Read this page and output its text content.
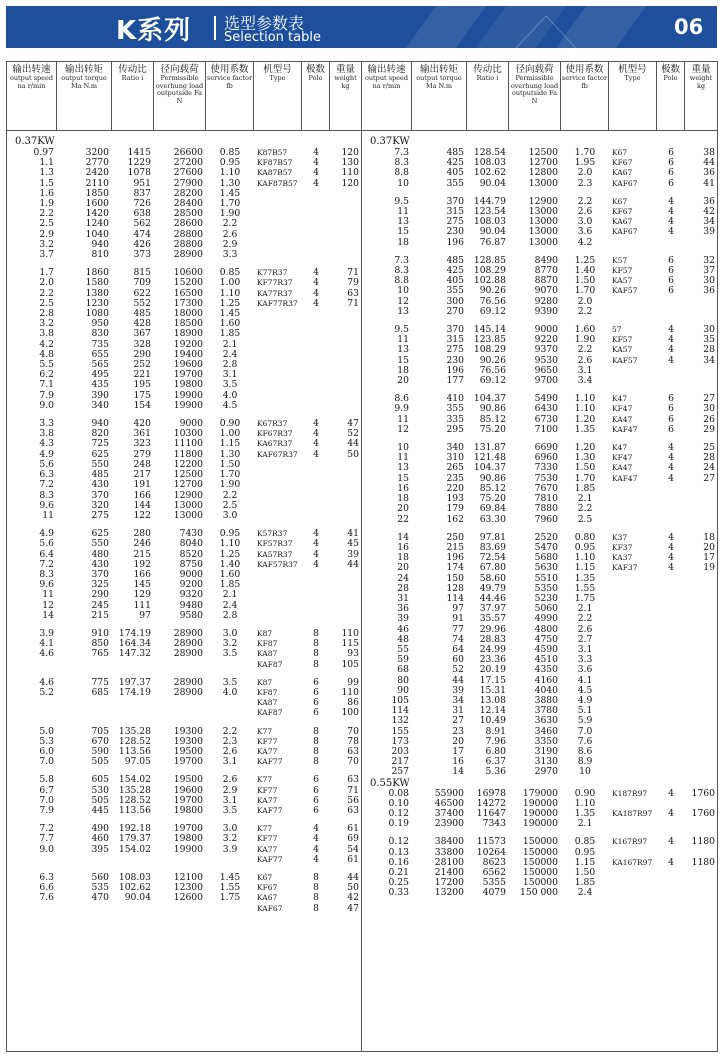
K系列 选型参数表
Selection table	06
输出转速
output speed na r/min

输出转矩
output torque Ma N.m

传动比
Ratio i

径向载荷
Permissible overhung load outputside Fa N

使用系数
service factor fb

机型号
Type

极数
Pole

重量
weight kg

输出转速
output speed na r/min

输出转矩
output torque Ma N.m

传动比
Ratio i

径向载荷
Permissible overhung load outputside Fa N

使用系数
service factor fb

机型号
Type

极数
Pole

重量
weight kg

0.37KW
0.97	3200	1415	26600	0.85	K87B57	4	120
1.1	2770	1229	27200	0.95	KF87B57	4	130
1.3	2420	1078	27600	1.10	KA87B57	4	110
1.5	2110	951	27900	1.30	KAF87B57	4	120
1.6	1850	837	28200	1.45			
1.9	1600	726	28400	1.70			
2.2	1420	638	28500	1.90			
2.5	1240	562	28600	2.2			
2.9	1040	474	28800	2.6			
3.2	940	426	28800	2.9			
3.7	810	373	28900	3.3			

1.7	1860	815	10600	0.85	K77R37	4	71
2.0	1580	709	15200	1.00	KF77R37	4	79
2.2	1380	622	16500	1.10	KA77R37	4	63
2.5	1230	552	17300	1.25	KAF77R37	4	71
2.8	1080	485	18000	1.45			
3.2	950	428	18500	1.60			
3.8	830	367	18900	1.85			
4.2	735	328	19200	2.1			
4.8	655	290	19400	2.4			
5.5	565	252	19600	2.8			
6.2	495	221	19700	3.1			
7.1	435	195	19800	3.5			
7.9	390	175	19900	4.0			
9.0	340	154	19900	4.5			

3.3	940	420	9000	0.90	K67R37	4	47
3.8	820	361	10300	1.00	KF67R37	4	52
4.3	725	323	11100	1.15	KA67R37	4	44
4.9	625	279	11800	1.30	KAF67R37	4	50
5.6	550	248	12200	1.50			
6.3	485	217	12500	1.70			
7.2	430	191	12700	1.90			
8.3	370	166	12900	2.2			
9.6	320	144	13000	2.5			
11	275	122	13000	3.0			

4.9	625	280	7430	0.95	K57R37	4	41
5.6	550	246	8040	1.10	KF57R37	4	45
6.4	480	215	8520	1.25	KA57R37	4	39
7.2	430	192	8750	1.40	KAF57R37	4	44
8.3	370	166	9000	1.60			
9.6	325	145	9200	1.85			
11	290	129	9320	2.1			
12	245	111	9480	2.4			
14	215	97	9580	2.8			

3.9	910	174.19	28900	3.0	K87	8	110
4.1	850	164.34	28900	3.2	KF87	8	115
4.6	765	147.32	28900	3.5	KA87	8	93
					KAF87	8	105

4.6	775	197.37	28900	3.5	K87	6	99
5.2	685	174.19	28900	4.0	KF87	6	110
					KA87	6	86
					KAF87	6	100

5.0	705	135.28	19300	2.2	K77	8	70
5.3	670	128.52	19300	2.3	KF77	8	78
6.0	590	113.56	19500	2.6	KA77	8	63
7.0	505	97.05	19700	3.1	KAF77	8	70

5.8	605	154.02	19500	2.6	K77	6	63
6.7	530	135.28	19600	2.9	KF77	6	71
7.0	505	128.52	19700	3.1	KA77	6	56
7.9	445	113.56	19800	3.5	KAF77	6	63

7.2	490	192.18	19700	3.0	K77	4	61
7.7	460	179.37	19800	3.2	KF77	4	69
9.0	395	154.02	19900	3.9	KA77	4	54
					KAF77	4	61

6.3	560	108.03	12100	1.45	K67	8	44
6.6	535	102.62	12300	1.55	KF67	8	50
7.6	470	90.04	12600	1.75	KA67	8	42
					KAF67	8	47

0.37KW
7.3	485	128.54	12500	1.70	K67	6	38
8.3	425	108.03	12700	1.95	KF67	6	44
8.8	405	102.62	12800	2.0	KA67	6	36
10	355	90.04	13000	2.3	KAF67	6	41

9.5	370	144.79	12900	2.2	K67	4	36
11	315	123.54	13000	2.6	KF67	4	42
13	275	108.03	13000	3.0	KA67	4	34
15	230	90.04	13000	3.6	KAF67	4	39
18	196	76.87	13000	4.2			

7.3	485	128.85	8490	1.25	K57	6	32
8.3	425	108.29	8770	1.40	KF57	6	37
8.8	405	102.88	8870	1.50	KA57	6	30
10	355	90.26	9070	1.70	KAF57	6	36
12	300	76.56	9280	2.0			
13	270	69.12	9390	2.2			

9.5	370	145.14	9000	1.60	57	4	30
11	315	123.85	9220	1.90	KF57	4	35
13	275	108.29	9370	2.2	KA57	4	28
15	230	90.26	9530	2.6	KAF57	4	34
18	196	76.56	9650	3.1			
20	177	69.12	9700	3.4			

8.6	410	104.37	5490	1.10	K47	6	27
9.9	355	90.86	6430	1.10	KF47	6	30
11	335	85.12	6730	1.20	KA47	6	26
12	295	75.20	7100	1.35	KAF47	6	29

10	340	131.87	6690	1.20	K47	4	25
11	310	121.48	6960	1.30	KF47	4	28
13	265	104.37	7330	1.50	KA47	4	24
15	235	90.86	7530	1.70	KAF47	4	27
16	220	85.12	7670	1.85			
18	193	75.20	7810	2.1			
20	179	69.84	7880	2.2			
22	162	63.30	7960	2.5			

14	250	97.81	2520	0.80	K37	4	18
16	215	83.69	5470	0.95	KF37	4	20
18	196	72.54	5680	1.10	KA37	4	17
20	174	67.80	5630	1.15	KAF37	4	19
24	150	58.60	5510	1.35			
28	128	49.79	5350	1.55			
31	114	44.46	5230	1.75			
36	97	37.97	5060	2.1			
39	91	35.57	4990	2.2			
46	77	29.96	4800	2.6			
48	74	28.83	4750	2.7			
55	64	24.99	4590	3.1			
59	60	23.36	4510	3.3			
68	52	20.19	4350	3.6			
80	44	17.15	4160	4.1			
90	39	15.31	4040	4.5			
105	34	13.08	3880	4.9			
114	31	12.14	3780	5.1			
132	27	10.49	3630	5.9			
155	23	8.91	3460	7.0			
173	20	7.96	3350	7.6			
203	17	6.80	3190	8.6			
217	16	6.37	3130	8.9			
257	14	5.36	2970	10			
0.55KW
0.08	55900	16978	179000	0.90	K187R97	4	1760
0.10	46500	14272	190000	1.10			
0.12	37400	11647	190000	1.35	KA187R97	4	1760
0.19	23900	7343	190000	2.1			

0.12	38400	11573	150000	0.85	K167R97	4	1180
0.13	33800	10264	150000	0.95			
0.16	28100	8623	150000	1.15	KA167R97	4	1180
0.21	21400	6562	150000	1.50			
0.25	17200	5355	150000	1.85			
0.33	13200	4079	150 000	2.4			
